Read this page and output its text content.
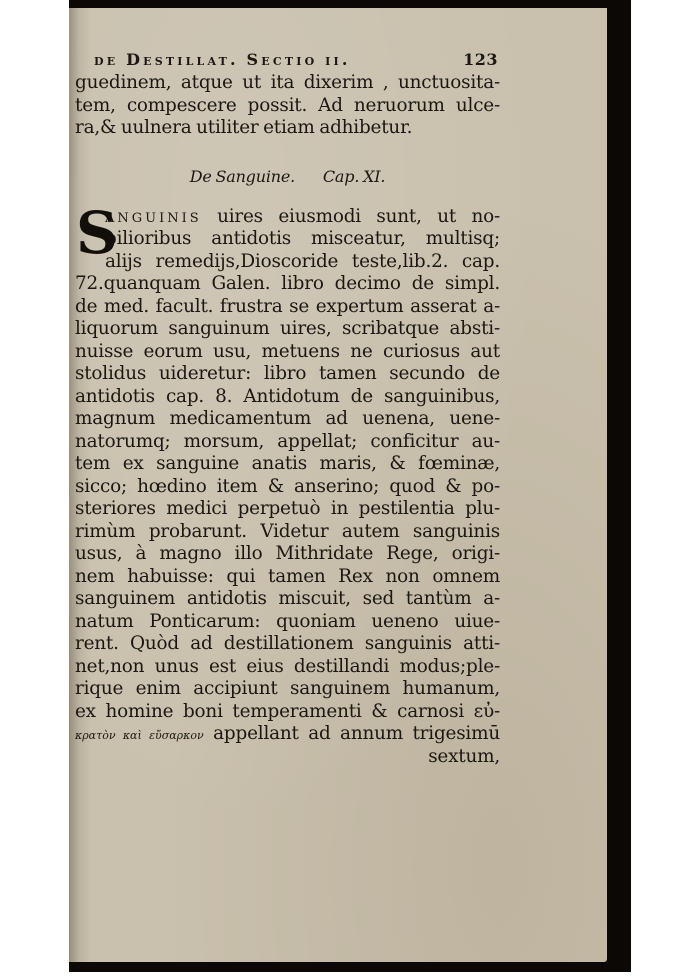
de Destillat. Sectio ii.	123
guedinem, atque ut ita dixerim , unctuosita-
tem, compescere possit. Ad neruorum ulce-
ra,& uulnera utiliter etiam adhibetur.
De Sanguine. Cap. XI.
S
anguinis uires eiusmodi sunt, ut no-
bilioribus antidotis misceatur, multisq;
alijs remedijs,Dioscoride teste,lib.2. cap.
72.quanquam Galen. libro decimo de simpl.
de med. facult. frustra se expertum asserat a-
liquorum sanguinum uires, scribatque absti-
nuisse eorum usu, metuens ne curiosus aut
stolidus uideretur: libro tamen secundo de
antidotis cap. 8. Antidotum de sanguinibus,
magnum medicamentum ad uenena, uene-
natorumq; morsum, appellat; conficitur au-
tem ex sanguine anatis maris, & fœminæ,
sicco; hœdino item & anserino; quod & po-
steriores medici perpetuò in pestilentia plu-
rimùm probarunt. Videtur autem sanguinis
usus, à magno illo Mithridate Rege, origi-
nem habuisse: qui tamen Rex non omnem
sanguinem antidotis miscuit, sed tantùm a-
natum Ponticarum: quoniam ueneno uiue-
rent. Quòd ad destillationem sanguinis atti-
net,non unus est eius destillandi modus;ple-
rique enim accipiunt sanguinem humanum,
ex homine boni temperamenti & carnosi εὐ-
κρατὸν καὶ εὔσαρκον appellant ad annum trigesimū
sextum,
